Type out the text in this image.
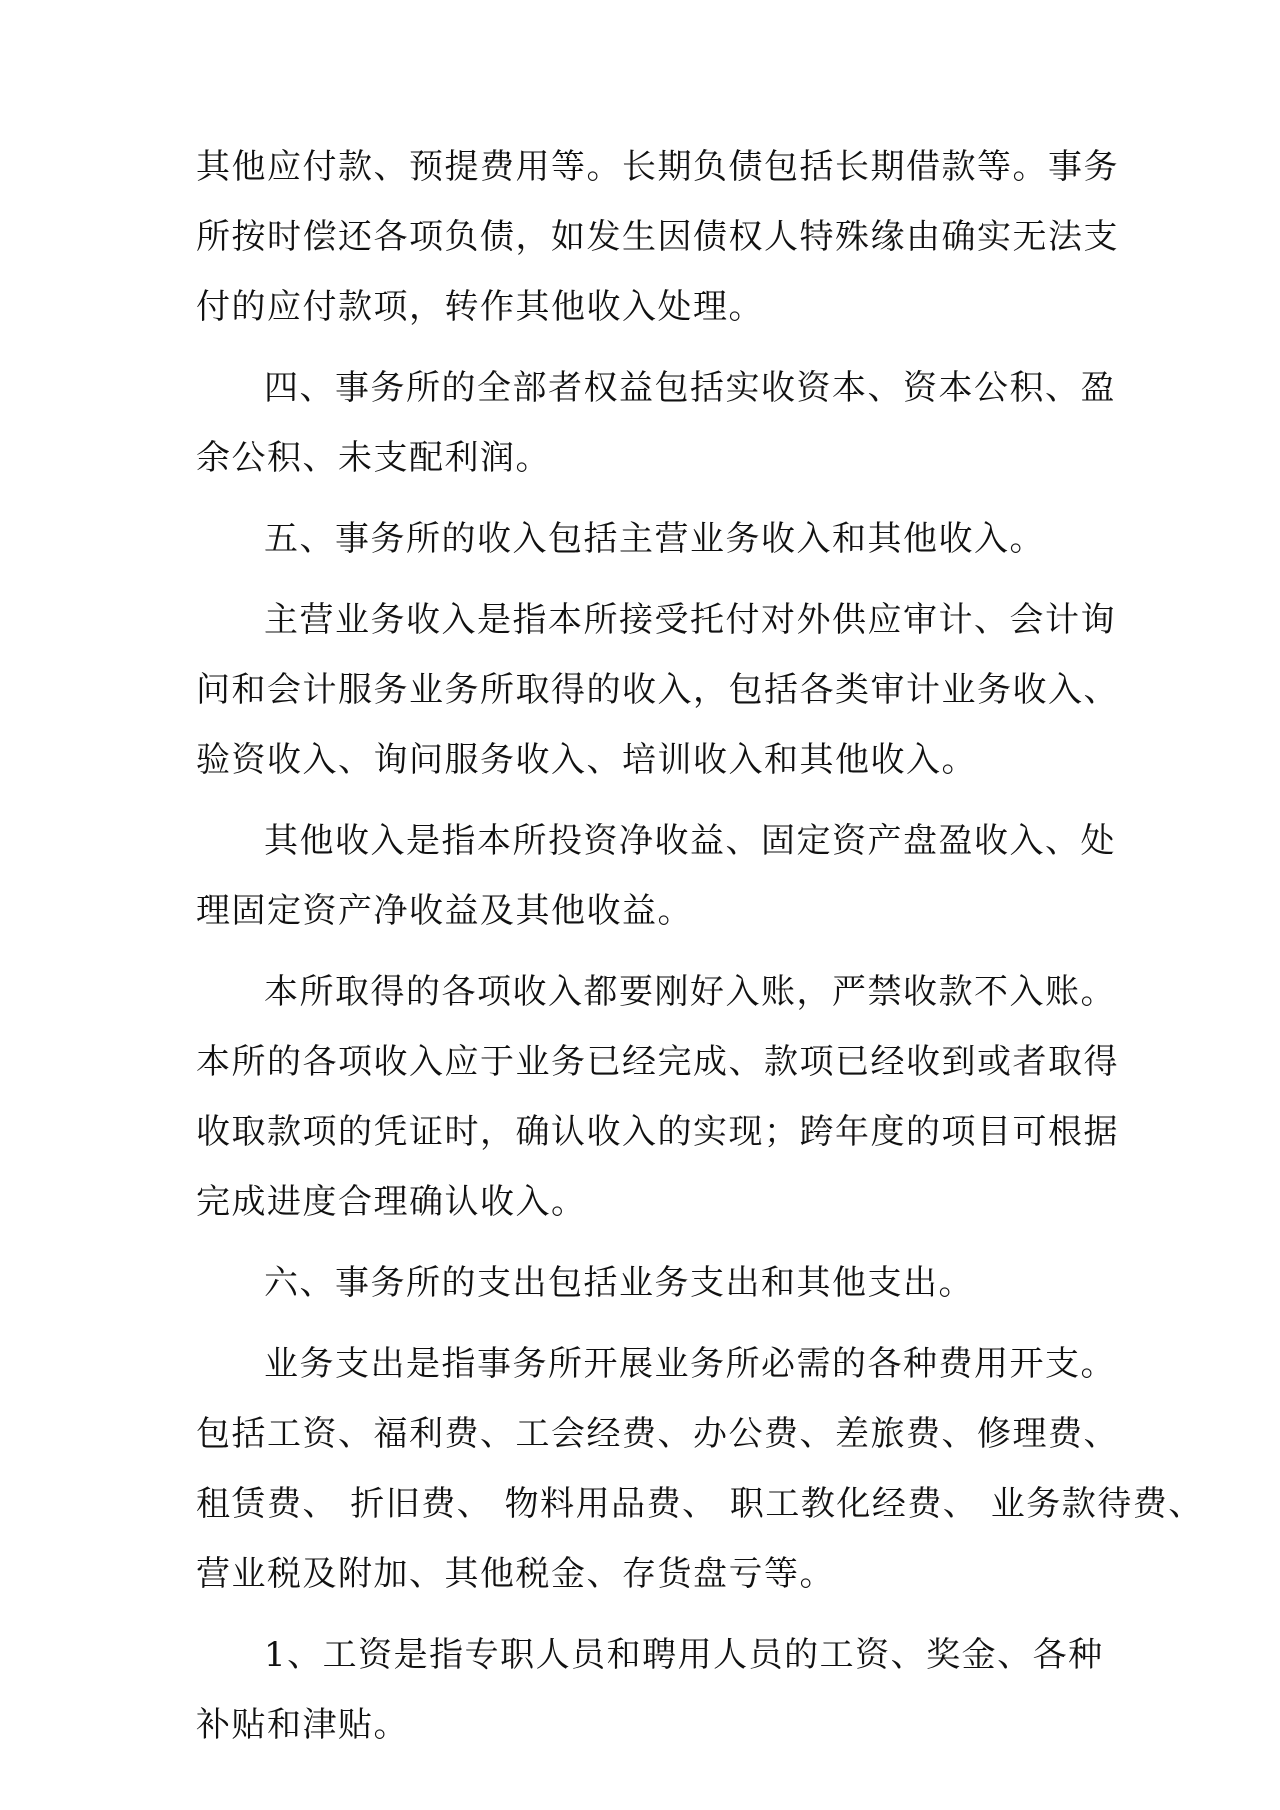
其他应付款、预提费用等。长期负债包括长期借款等。事务
所按时偿还各项负债，如发生因债权人特殊缘由确实无法支
付的应付款项，转作其他收入处理。
四、事务所的全部者权益包括实收资本、资本公积、盈
余公积、未支配利润。
五、事务所的收入包括主营业务收入和其他收入。
主营业务收入是指本所接受托付对外供应审计、会计询
问和会计服务业务所取得的收入，包括各类审计业务收入、
验资收入、询问服务收入、培训收入和其他收入。
其他收入是指本所投资净收益、固定资产盘盈收入、处
理固定资产净收益及其他收益。
本所取得的各项收入都要刚好入账，严禁收款不入账。
本所的各项收入应于业务已经完成、款项已经收到或者取得
收取款项的凭证时，确认收入的实现；跨年度的项目可根据
完成进度合理确认收入。
六、事务所的支出包括业务支出和其他支出。
业务支出是指事务所开展业务所必需的各种费用开支。
包括工资、福利费、工会经费、办公费、差旅费、修理费、
租赁费、 折旧费、 物料用品费、 职工教化经费、 业务款待费、
营业税及附加、其他税金、存货盘亏等。
1、工资是指专职人员和聘用人员的工资、奖金、各种
补贴和津贴。
